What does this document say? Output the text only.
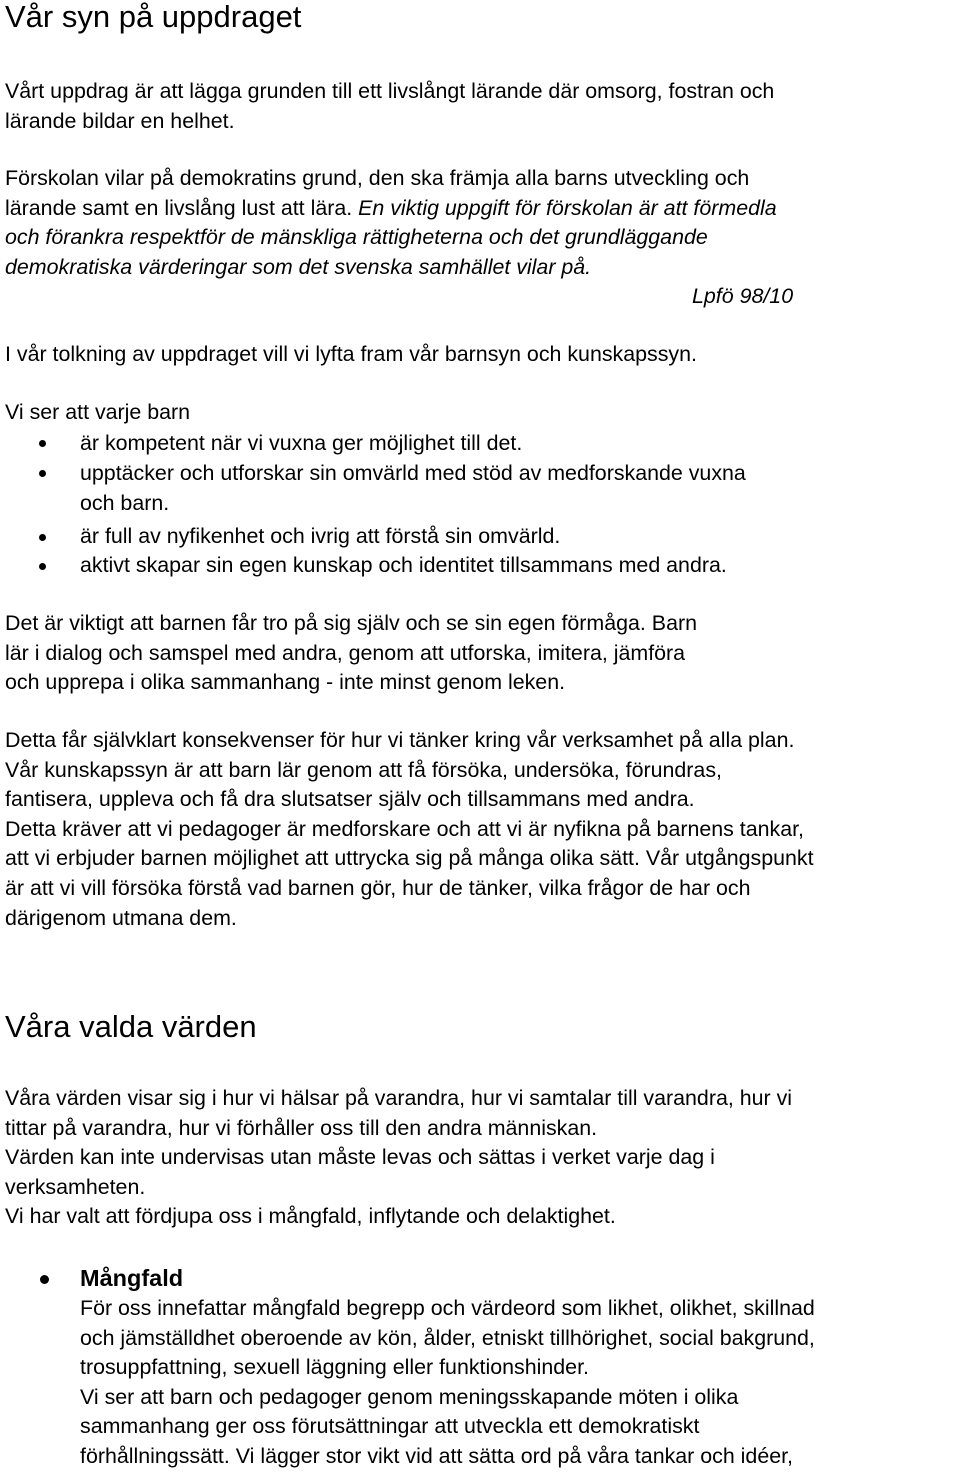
Vår syn på uppdraget
Vårt uppdrag är att lägga grunden till ett livslångt lärande där omsorg, fostran och
lärande bildar en helhet.
Förskolan vilar på demokratins grund, den ska främja alla barns utveckling och
lärande samt en livslång lust att lära. En viktig uppgift för förskolan är att förmedla
och förankra respektför de mänskliga rättigheterna och det grundläggande
demokratiska värderingar som det svenska samhället vilar på.
Lpfö 98/10
I vår tolkning av uppdraget vill vi lyfta fram vår barnsyn och kunskapssyn.
Vi ser att varje barn
är kompetent när vi vuxna ger möjlighet till det.
upptäcker och utforskar sin omvärld med stöd av medforskande vuxna
och barn.
är full av nyfikenhet och ivrig att förstå sin omvärld.
aktivt skapar sin egen kunskap och identitet tillsammans med andra.
Det är viktigt att barnen får tro på sig själv och se sin egen förmåga. Barn
lär i dialog och samspel med andra, genom att utforska, imitera, jämföra
och upprepa i olika sammanhang - inte minst genom leken.
Detta får självklart konsekvenser för hur vi tänker kring vår verksamhet på alla plan.
Vår kunskapssyn är att barn lär genom att få försöka, undersöka, förundras,
fantisera, uppleva och få dra slutsatser själv och tillsammans med andra.
Detta kräver att vi pedagoger är medforskare och att vi är nyfikna på barnens tankar,
att vi erbjuder barnen möjlighet att uttrycka sig på många olika sätt. Vår utgångspunkt
är att vi vill försöka förstå vad barnen gör, hur de tänker, vilka frågor de har och
därigenom utmana dem.
Våra valda värden
Våra värden visar sig i hur vi hälsar på varandra, hur vi samtalar till varandra, hur vi
tittar på varandra, hur vi förhåller oss till den andra människan.
Värden kan inte undervisas utan måste levas och sättas i verket varje dag i
verksamheten.
Vi har valt att fördjupa oss i mångfald, inflytande och delaktighet.
Mångfald
För oss innefattar mångfald begrepp och värdeord som likhet, olikhet, skillnad
och jämställdhet oberoende av kön, ålder, etniskt tillhörighet, social bakgrund,
trosuppfattning, sexuell läggning eller funktionshinder.
Vi ser att barn och pedagoger genom meningsskapande möten i olika
sammanhang ger oss förutsättningar att utveckla ett demokratiskt
förhållningssätt. Vi lägger stor vikt vid att sätta ord på våra tankar och idéer,
